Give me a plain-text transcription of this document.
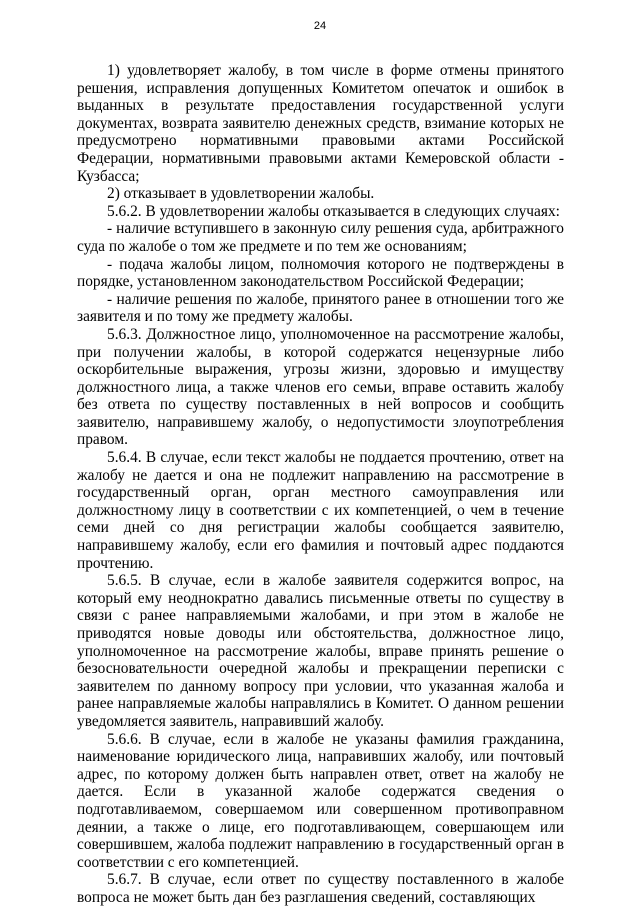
24

1) удовлетворяет жалобу, в том числе в форме отмены принятого решения, исправления допущенных Комитетом опечаток и ошибок в выданных в результате предоставления государственной услуги документах, возврата заявителю денежных средств, взимание которых не предусмотрено нормативными правовыми актами Российской Федерации, нормативными правовыми актами Кемеровской области - Кузбасса;

2) отказывает в удовлетворении жалобы.

5.6.2. В удовлетворении жалобы отказывается в следующих случаях:

- наличие вступившего в законную силу решения суда, арбитражного суда по жалобе о том же предмете и по тем же основаниям;

- подача жалобы лицом, полномочия которого не подтверждены в порядке, установленном законодательством Российской Федерации;

- наличие решения по жалобе, принятого ранее в отношении того же заявителя и по тому же предмету жалобы.

5.6.3. Должностное лицо, уполномоченное на рассмотрение жалобы, при получении жалобы, в которой содержатся нецензурные либо оскорбительные выражения, угрозы жизни, здоровью и имуществу должностного лица, а также членов его семьи, вправе оставить жалобу без ответа по существу поставленных в ней вопросов и сообщить заявителю, направившему жалобу, о недопустимости злоупотребления правом.

5.6.4. В случае, если текст жалобы не поддается прочтению, ответ на жалобу не дается и она не подлежит направлению на рассмотрение в государственный орган, орган местного самоуправления или должностному лицу в соответствии с их компетенцией, о чем в течение семи дней со дня регистрации жалобы сообщается заявителю, направившему жалобу, если его фамилия и почтовый адрес поддаются прочтению.

5.6.5. В случае, если в жалобе заявителя содержится вопрос, на который ему неоднократно давались письменные ответы по существу в связи с ранее направляемыми жалобами, и при этом в жалобе не приводятся новые доводы или обстоятельства, должностное лицо, уполномоченное на рассмотрение жалобы, вправе принять решение о безосновательности очередной жалобы и прекращении переписки с заявителем по данному вопросу при условии, что указанная жалоба и ранее направляемые жалобы направлялись в Комитет. О данном решении уведомляется заявитель, направивший жалобу.

5.6.6. В случае, если в жалобе не указаны фамилия гражданина, наименование юридического лица, направивших жалобу, или почтовый адрес, по которому должен быть направлен ответ, ответ на жалобу не дается. Если в указанной жалобе содержатся сведения о подготавливаемом, совершаемом или совершенном противоправном деянии, а также о лице, его подготавливающем, совершающем или совершившем, жалоба подлежит направлению в государственный орган в соответствии с его компетенцией.

5.6.7. В случае, если ответ по существу поставленного в жалобе вопроса не может быть дан без разглашения сведений, составляющих
